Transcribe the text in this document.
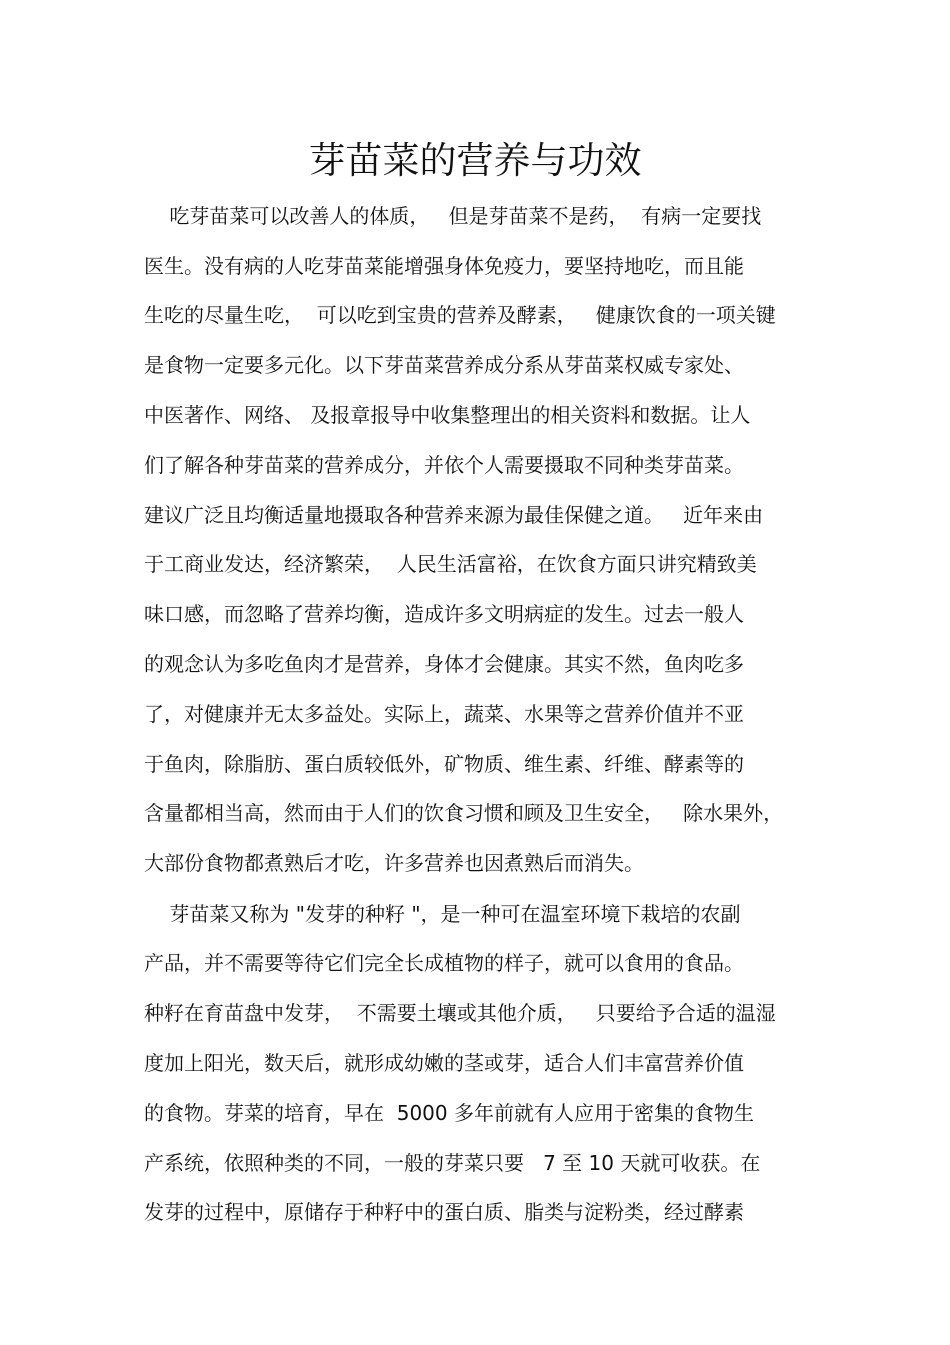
芽苗菜的营养与功效
吃芽苗菜可以改善人的体质，   但是芽苗菜不是药，  有病一定要找
医生。没有病的人吃芽苗菜能增强身体免疫力，要坚持地吃，而且能
生吃的尽量生吃，  可以吃到宝贵的营养及酵素，   健康饮食的一项关键
是食物一定要多元化。以下芽苗菜营养成分系从芽苗菜权威专家处、
中医著作、网络、 及报章报导中收集整理出的相关资料和数据。让人
们了解各种芽苗菜的营养成分，并依个人需要摄取不同种类芽苗菜。
建议广泛且均衡适量地摄取各种营养来源为最佳保健之道。   近年来由
于工商业发达，经济繁荣，  人民生活富裕，在饮食方面只讲究精致美
味口感，而忽略了营养均衡，造成许多文明病症的发生。过去一般人
的观念认为多吃鱼肉才是营养，身体才会健康。其实不然，鱼肉吃多
了，对健康并无太多益处。实际上，蔬菜、水果等之营养价值并不亚
于鱼肉，除脂肪、蛋白质较低外，矿物质、维生素、纤维、酵素等的
含量都相当高，然而由于人们的饮食习惯和顾及卫生安全，   除水果外，
大部份食物都煮熟后才吃，许多营养也因煮熟后而消失。
芽苗菜又称为 "发芽的种籽 "，是一种可在温室环境下栽培的农副
产品，并不需要等待它们完全长成植物的样子，就可以食用的食品。
种籽在育苗盘中发芽，  不需要土壤或其他介质，   只要给予合适的温湿
度加上阳光，数天后，就形成幼嫩的茎或芽，适合人们丰富营养价值
的食物。芽菜的培育，早在  5000 多年前就有人应用于密集的食物生
产系统，依照种类的不同，一般的芽菜只要   7 至 10 天就可收获。在
发芽的过程中，原储存于种籽中的蛋白质、脂类与淀粉类，经过酵素
